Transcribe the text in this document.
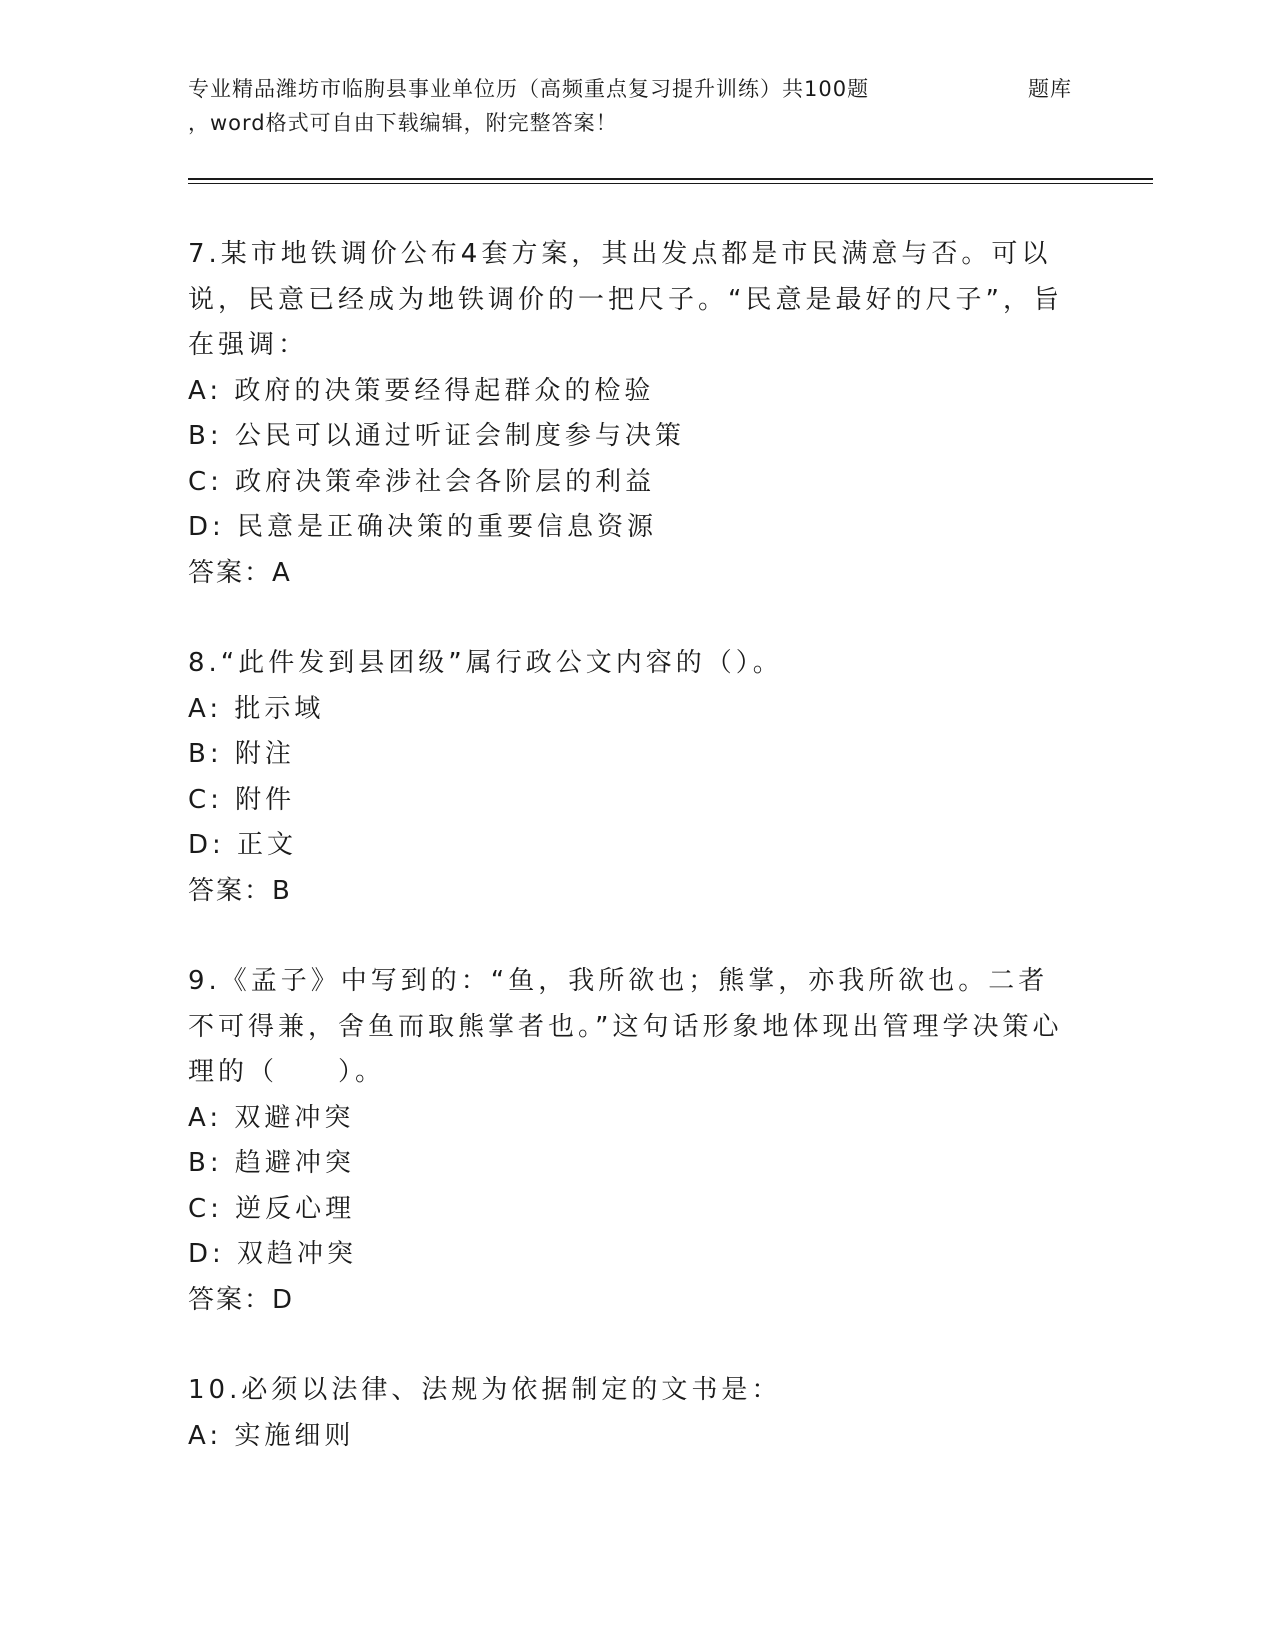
专业精品潍坊市临朐县事业单位历（高频重点复习提升训练）共100题	题库
，word格式可自由下载编辑，附完整答案！

7.某市地铁调价公布4套方案，其出发点都是市民满意与否。可以说，民意已经成为地铁调价的一把尺子。“民意是最好的尺子”，旨在强调：

A: 政府的决策要经得起群众的检验

B: 公民可以通过听证会制度参与决策

C: 政府决策牵涉社会各阶层的利益

D: 民意是正确决策的重要信息资源

答案：A

8.“此件发到县团级”属行政公文内容的（）。

A: 批示域

B: 附注

C: 附件

D: 正文

答案：B

9.《孟子》中写到的：“鱼，我所欲也；熊掌，亦我所欲也。二者不可得兼，舍鱼而取熊掌者也。”这句话形象地体现出管理学决策心理的（　　）。

A: 双避冲突

B: 趋避冲突

C: 逆反心理

D: 双趋冲突

答案：D

10.必须以法律、法规为依据制定的文书是：

A: 实施细则
